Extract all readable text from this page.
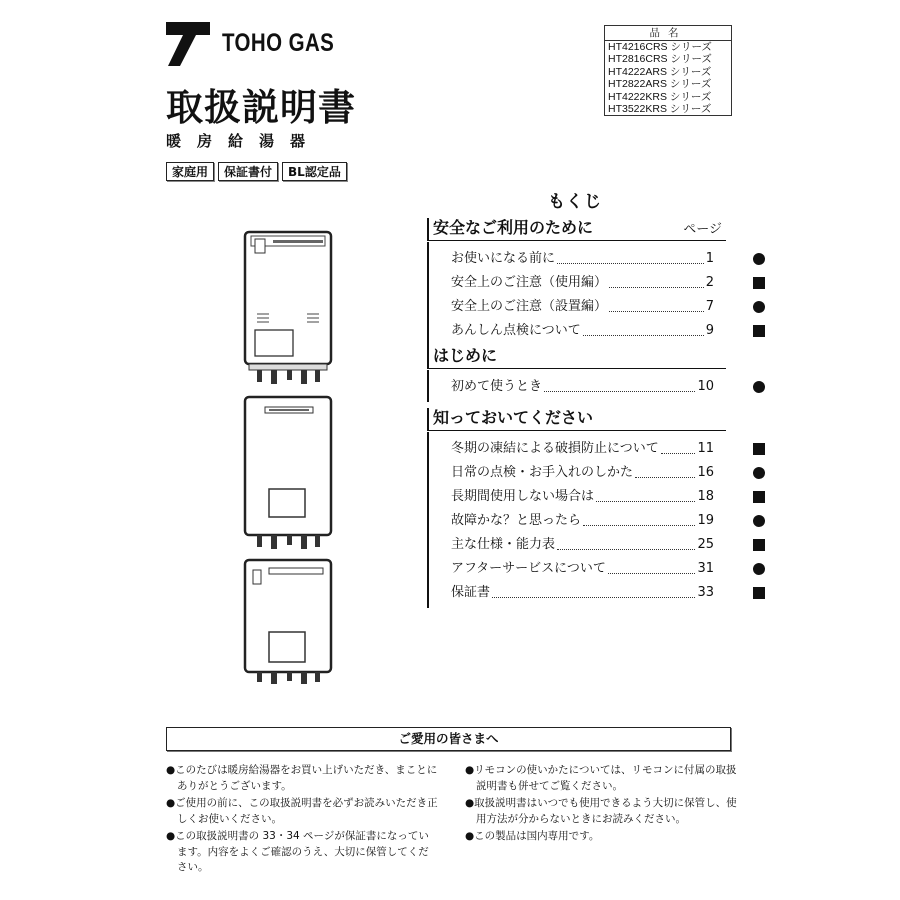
TOHO GAS
取扱説明書
暖房給湯器
家庭用	保証書付	BL認定品
品名
HT4216CRS シリーズ
HT2816CRS シリーズ
HT4222ARS シリーズ
HT2822ARS シリーズ
HT4222KRS シリーズ
HT3522KRS シリーズ
もくじ
安全なご利用のために	ページ
お使いになる前に	1
安全上のご注意（使用編）	2
安全上のご注意（設置編）	7
あんしん点検について	9
はじめに
初めて使うとき	10
知っておいてください
冬期の凍結による破損防止について	11
日常の点検・お手入れのしかた	16
長期間使用しない場合は	18
故障かな？と思ったら	19
主な仕様・能力表	25
アフターサービスについて	31
保証書	33
ご愛用の皆さまへ

●このたびは暖房給湯器をお買い上げいただき、まことにありがとうございます。

●ご使用の前に、この取扱説明書を必ずお読みいただき正しくお使いください。

●この取扱説明書の 33・34 ページが保証書になっています。内容をよくご確認のうえ、大切に保管してください。

●リモコンの使いかたについては、リモコンに付属の取扱説明書も併せてご覧ください。

●取扱説明書はいつでも使用できるよう大切に保管し、使用方法が分からないときにお読みください。

●この製品は国内専用です。
